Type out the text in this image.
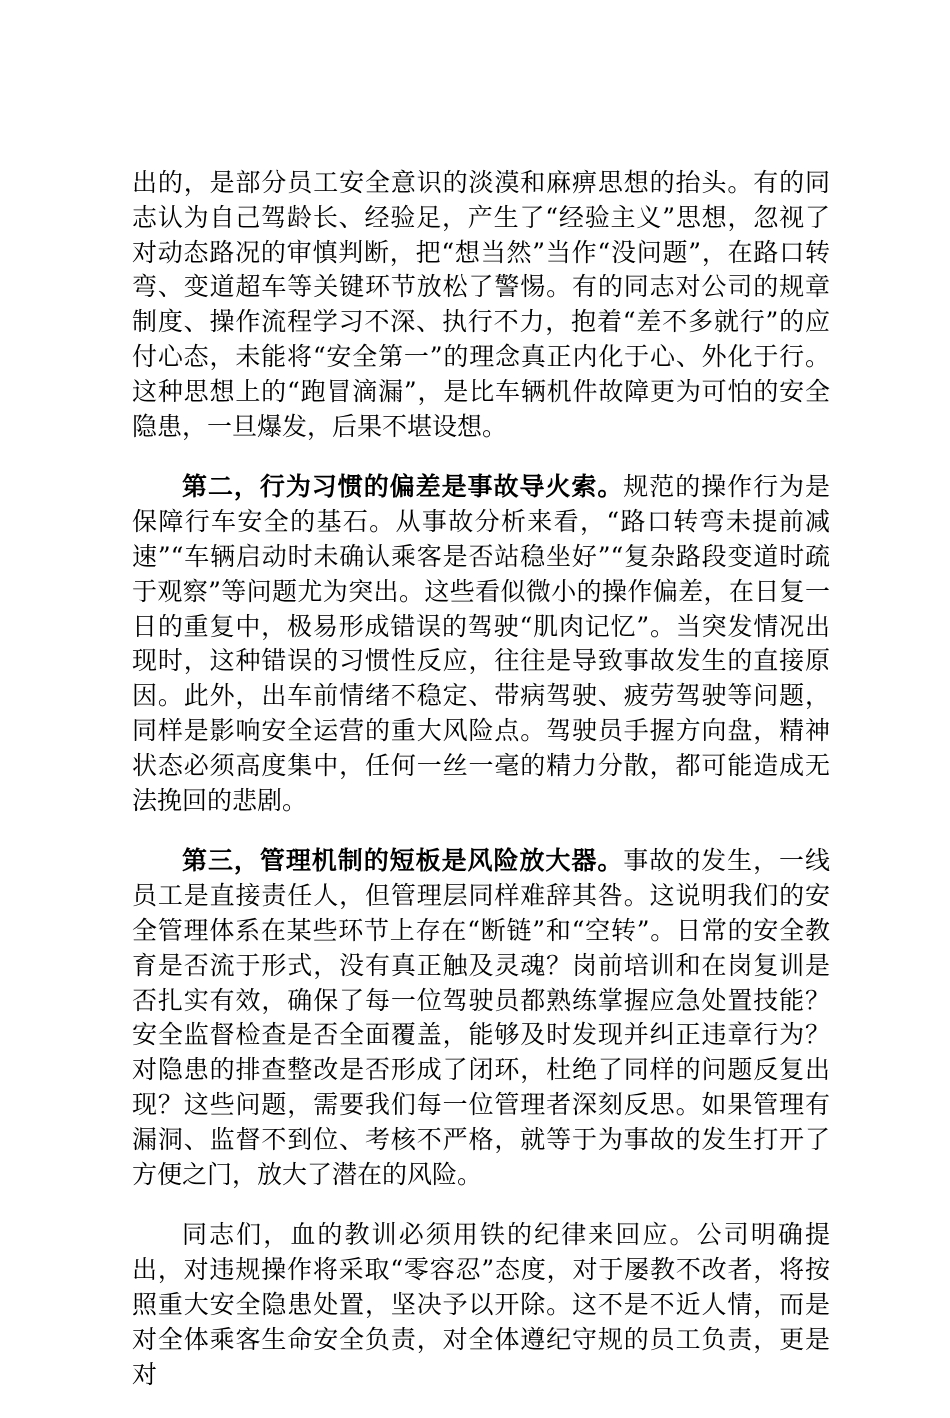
出的，是部分员工安全意识的淡漠和麻痹思想的抬头。有的同志认为自己驾龄长、经验足，产生了“经验主义”思想，忽视了对动态路况的审慎判断，把“想当然”当作“没问题”，在路口转弯、变道超车等关键环节放松了警惕。有的同志对公司的规章制度、操作流程学习不深、执行不力，抱着“差不多就行”的应付心态，未能将“安全第一”的理念真正内化于心、外化于行。这种思想上的“跑冒滴漏”，是比车辆机件故障更为可怕的安全隐患，一旦爆发，后果不堪设想。

第二，行为习惯的偏差是事故导火索。规范的操作行为是保障行车安全的基石。从事故分析来看，“路口转弯未提前减速”“车辆启动时未确认乘客是否站稳坐好”“复杂路段变道时疏于观察”等问题尤为突出。这些看似微小的操作偏差，在日复一日的重复中，极易形成错误的驾驶“肌肉记忆”。当突发情况出现时，这种错误的习惯性反应，往往是导致事故发生的直接原因。此外，出车前情绪不稳定、带病驾驶、疲劳驾驶等问题，同样是影响安全运营的重大风险点。驾驶员手握方向盘，精神状态必须高度集中，任何一丝一毫的精力分散，都可能造成无法挽回的悲剧。

第三，管理机制的短板是风险放大器。事故的发生，一线员工是直接责任人，但管理层同样难辞其咎。这说明我们的安全管理体系在某些环节上存在“断链”和“空转”。日常的安全教育是否流于形式，没有真正触及灵魂？岗前培训和在岗复训是否扎实有效，确保了每一位驾驶员都熟练掌握应急处置技能？安全监督检查是否全面覆盖，能够及时发现并纠正违章行为？对隐患的排查整改是否形成了闭环，杜绝了同样的问题反复出现？这些问题，需要我们每一位管理者深刻反思。如果管理有漏洞、监督不到位、考核不严格，就等于为事故的发生打开了方便之门，放大了潜在的风险。

同志们，血的教训必须用铁的纪律来回应。公司明确提出，对违规操作将采取“零容忍”态度，对于屡教不改者，将按照重大安全隐患处置，坚决予以开除。这不是不近人情，而是对全体乘客生命安全负责，对全体遵纪守规的员工负责，更是对
